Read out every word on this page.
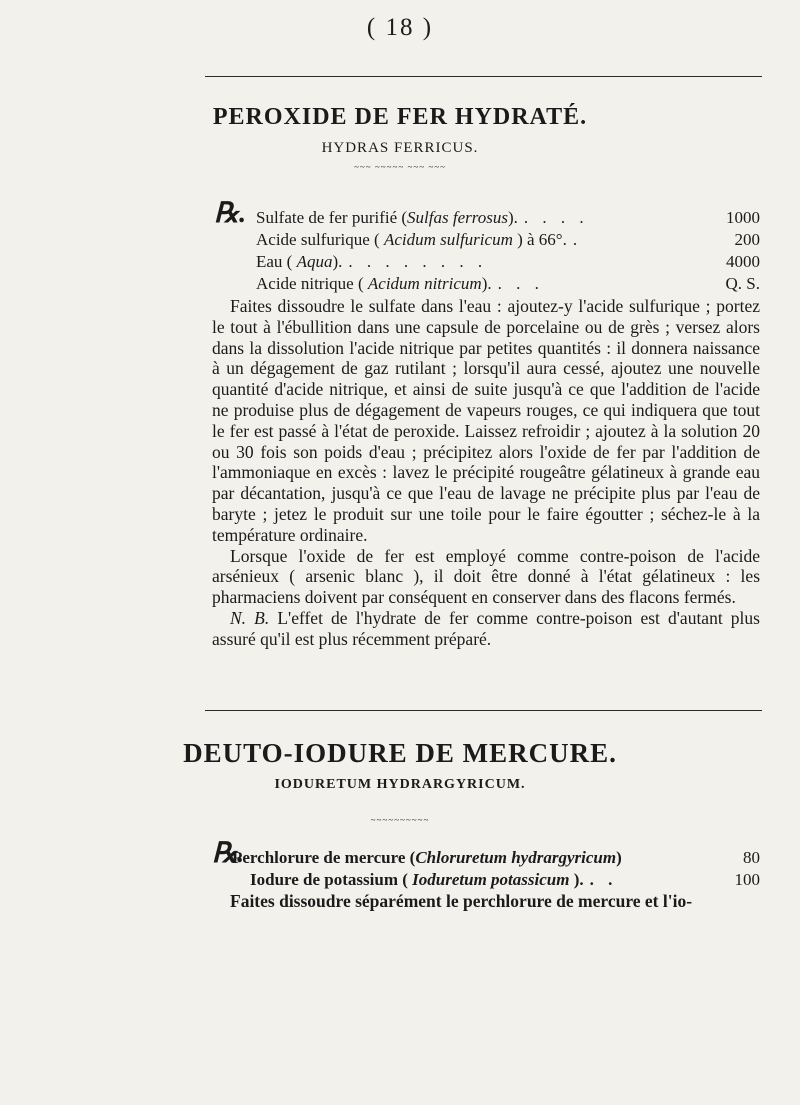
( 18 )
PEROXIDE DE FER HYDRATÉ.
HYDRAS FERRICUS.
~~~ ~~~~~ ~~~ ~~~
℞. Sulfate de fer purifié (Sulfas ferrosus). . . . .	1000
Acide sulfurique ( Acidum sulfuricum ) à 66°. .	200
Eau ( Aqua). . . . . . . . .	4000
Acide nitrique ( Acidum nitricum). . . .	Q. S.

Faites dissoudre le sulfate dans l'eau : ajoutez-y l'acide sulfurique ; portez le tout à l'ébullition dans une capsule de porcelaine ou de grès ; versez alors dans la dissolution l'acide nitrique par petites quantités : il donnera naissance à un dégagement de gaz rutilant ; lorsqu'il aura cessé, ajoutez une nouvelle quantité d'acide nitrique, et ainsi de suite jusqu'à ce que l'addition de l'acide ne produise plus de dégagement de vapeurs rouges, ce qui indiquera que tout le fer est passé à l'état de peroxide. Laissez refroidir ; ajoutez à la solution 20 ou 30 fois son poids d'eau ; précipitez alors l'oxide de fer par l'addition de l'ammoniaque en excès : lavez le précipité rougeâtre gélatineux à grande eau par décantation, jusqu'à ce que l'eau de lavage ne précipite plus par l'eau de baryte ; jetez le produit sur une toile pour le faire égoutter ; séchez-le à la température ordinaire.

Lorsque l'oxide de fer est employé comme contre-poison de l'acide arsénieux ( arsenic blanc ), il doit être donné à l'état gélatineux : les pharmaciens doivent par conséquent en conserver dans des flacons fermés.

N. B. L'effet de l'hydrate de fer comme contre-poison est d'autant plus assuré qu'il est plus récemment préparé.

DEUTO-IODURE DE MERCURE.
IODURETUM HYDRARGYRICUM.
~~~~~~~~~~
℞.
Perchlorure de mercure (Chloruretum hydrargyricum)	80
Iodure de potassium ( Ioduretum potassicum ). . .	100

Faites dissoudre séparément le perchlorure de mercure et l'io-
